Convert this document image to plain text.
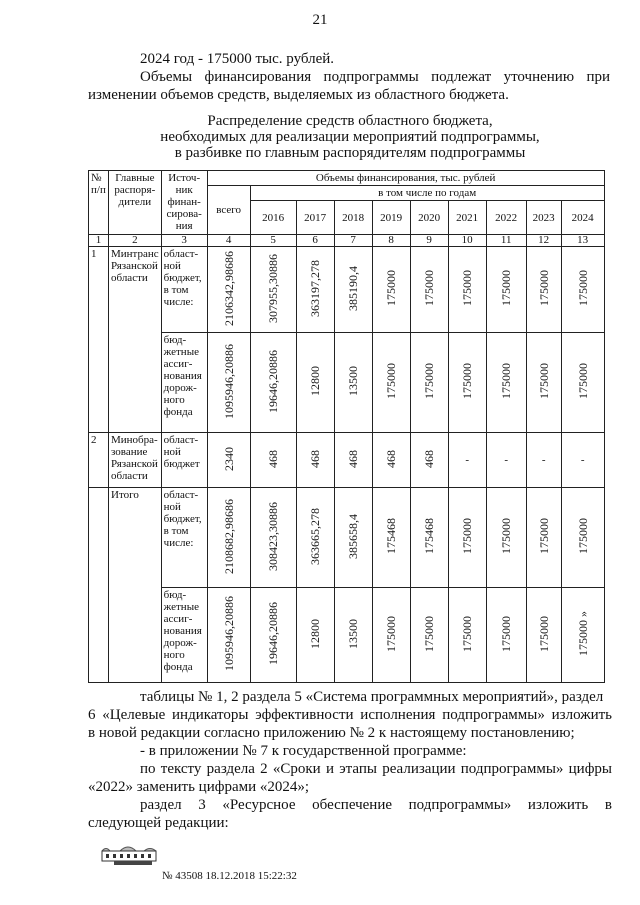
21
2024 год - 175000 тыс. рублей.
Объемы финансирования подпрограммы подлежат уточнению при
изменении объемов средств, выделяемых из областного бюджета.
Распределение средств областного бюджета,
необходимых для реализации мероприятий подпрограммы,
в разбивке по главным распорядителям подпрограммы
№ п/п	Главные распоря-дители	Источ-ник финан-сирова-ния	Объемы финансирования, тыс. рублей									
			всего	в том числе по годам								
				2016	2017	2018	2019	2020	2021	2022	2023	2024
1	2	3	4	5	6	7	8	9	10	11	12	13
1	Минтранс Рязанской области	област-ной бюджет, в том числе:	2106342,98686	307955,30886	363197,278	385190,4	175000	175000	175000	175000	175000	175000
		бюд-жетные ассиг-нования дорож-ного фонда	1095946,20886	19646,20886	12800	13500	175000	175000	175000	175000	175000	175000
2	Минобра-зование Рязанской области	област-ной бюджет	2340	468	468	468	468	468	-	-	-	-
	Итого	област-ной бюджет, в том числе:	2108682,98686	308423,30886	363665,278	385658,4	175468	175468	175000	175000	175000	175000
		бюд-жетные ассиг-нования дорож-ного фонда	1095946,20886	19646,20886	12800	13500	175000	175000	175000	175000	175000	175000 »
таблицы № 1, 2 раздела 5 «Система программных мероприятий», раздел
6 «Целевые индикаторы эффективности исполнения подпрограммы» изложить
в новой редакции согласно приложению № 2 к настоящему постановлению;
- в приложении № 7 к государственной программе:
по тексту раздела 2 «Сроки и этапы реализации подпрограммы» цифры
«2022» заменить цифрами «2024»;
раздел 3 «Ресурсное обеспечение подпрограммы» изложить в
следующей редакции:
№ 43508 18.12.2018 15:22:32
